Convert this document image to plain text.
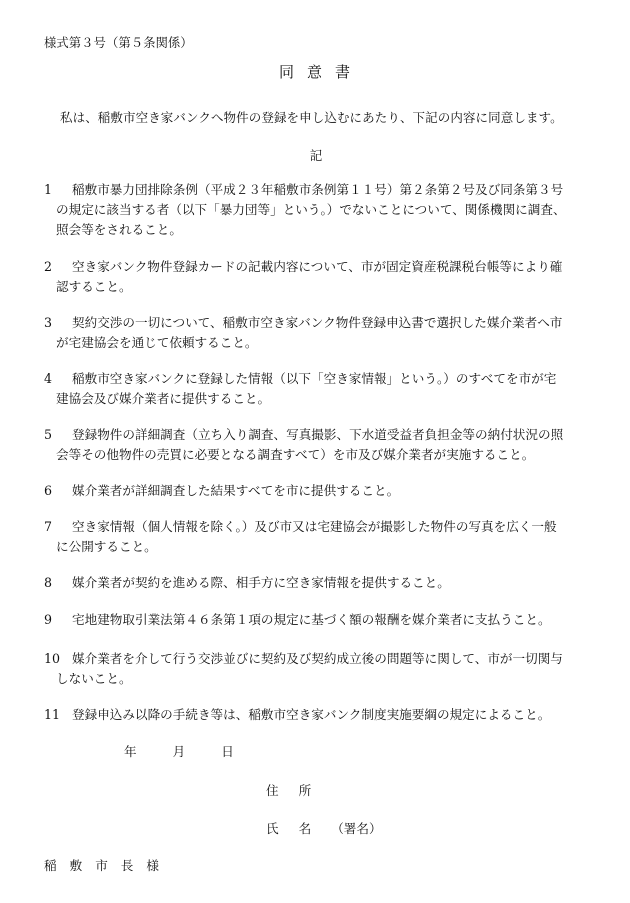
様式第３号（第５条関係）
同意書
私は、稲敷市空き家バンクへ物件の登録を申し込むにあたり、下記の内容に同意します。
記
1	稲敷市暴力団排除条例（平成２３年稲敷市条例第１１号）第２条第２号及び同条第３号
の規定に該当する者（以下「暴力団等」という。）でないことについて、関係機関に調査、
照会等をされること。
2	空き家バンク物件登録カードの記載内容について、市が固定資産税課税台帳等により確
認すること。
3	契約交渉の一切について、稲敷市空き家バンク物件登録申込書で選択した媒介業者へ市
が宅建協会を通じて依頼すること。
4	稲敷市空き家バンクに登録した情報（以下「空き家情報」という。）のすべてを市が宅
建協会及び媒介業者に提供すること。
5	登録物件の詳細調査（立ち入り調査、写真撮影、下水道受益者負担金等の納付状況の照
会等その他物件の売買に必要となる調査すべて）を市及び媒介業者が実施すること。
6	媒介業者が詳細調査した結果すべてを市に提供すること。
7	空き家情報（個人情報を除く。）及び市又は宅建協会が撮影した物件の写真を広く一般
に公開すること。
8	媒介業者が契約を進める際、相手方に空き家情報を提供すること。
9	宅地建物取引業法第４６条第１項の規定に基づく額の報酬を媒介業者に支払うこと。
10 媒介業者を介して行う交渉並びに契約及び契約成立後の問題等に関して、市が一切関与
しないこと。
11 登録申込み以降の手続き等は、稲敷市空き家バンク制度実施要綱の規定によること。
年	月	日
住所
氏名（署名）
稲敷市長様
